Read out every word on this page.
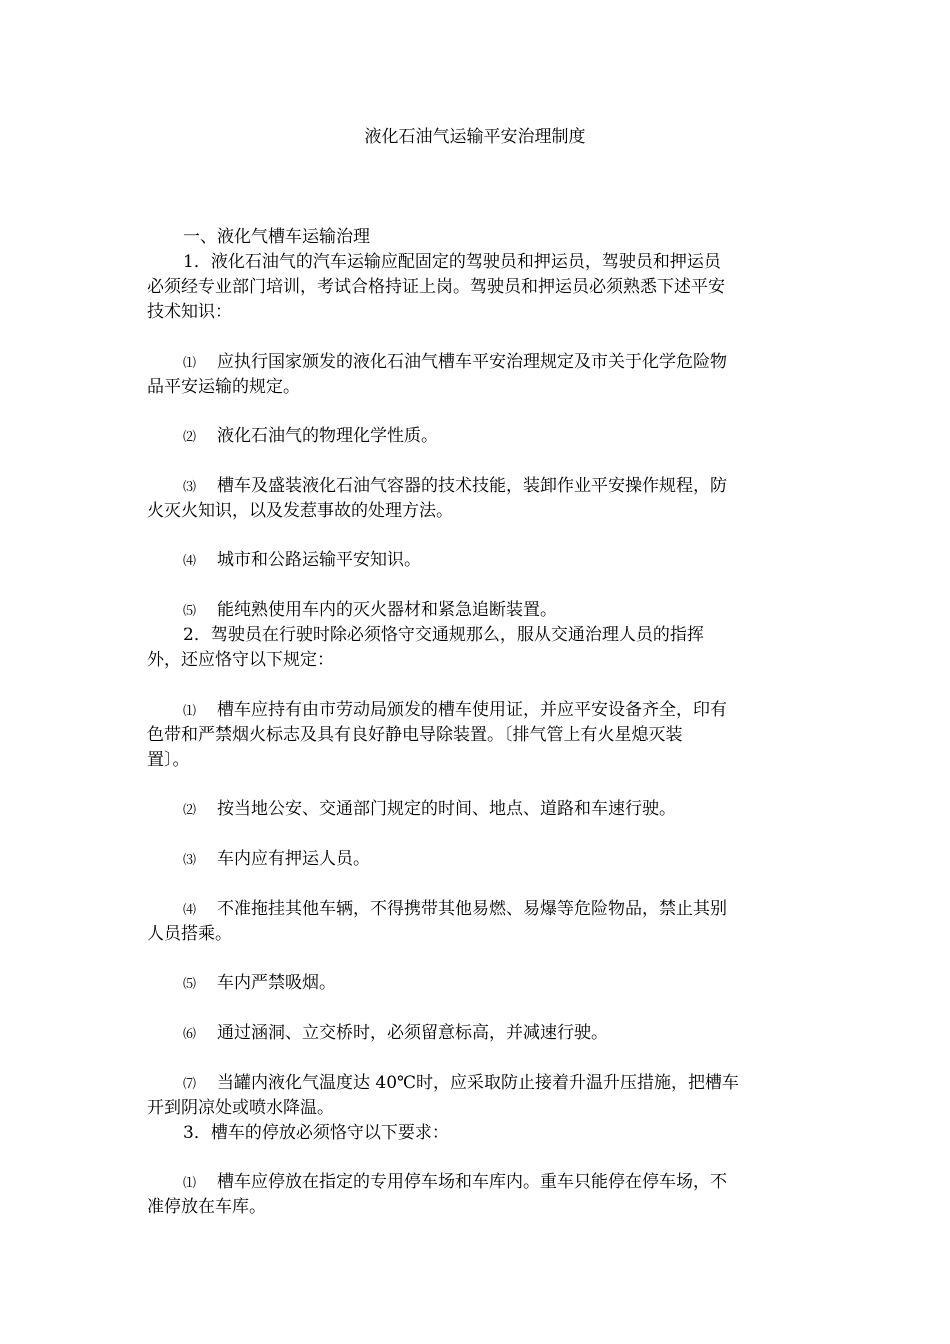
液化石油气运输平安治理制度
一、液化气槽车运输治理
1．液化石油气的汽车运输应配固定的驾驶员和押运员，驾驶员和押运员
必须经专业部门培训，考试合格持证上岗。驾驶员和押运员必须熟悉下述平安
技术知识：
⑴ 应执行国家颁发的液化石油气槽车平安治理规定及市关于化学危险物
品平安运输的规定。
⑵ 液化石油气的物理化学性质。
⑶ 槽车及盛装液化石油气容器的技术技能，装卸作业平安操作规程，防
火灭火知识，以及发惹事故的处理方法。
⑷ 城市和公路运输平安知识。
⑸ 能纯熟使用车内的灭火器材和紧急追断装置。
2．驾驶员在行驶时除必须恪守交通规那么，服从交通治理人员的指挥
外，还应恪守以下规定：
⑴ 槽车应持有由市劳动局颁发的槽车使用证，并应平安设备齐全，印有
色带和严禁烟火标志及具有良好静电导除装置。〔排气管上有火星熄灭装
置〕。
⑵ 按当地公安、交通部门规定的时间、地点、道路和车速行驶。
⑶ 车内应有押运人员。
⑷ 不准拖挂其他车辆，不得携带其他易燃、易爆等危险物品，禁止其别
人员搭乘。
⑸ 车内严禁吸烟。
⑹ 通过涵洞、立交桥时，必须留意标高，并减速行驶。
⑺ 当罐内液化气温度达 40℃时，应采取防止接着升温升压措施，把槽车
开到阴凉处或喷水降温。
3．槽车的停放必须恪守以下要求：
⑴ 槽车应停放在指定的专用停车场和车库内。重车只能停在停车场，不
准停放在车库。
